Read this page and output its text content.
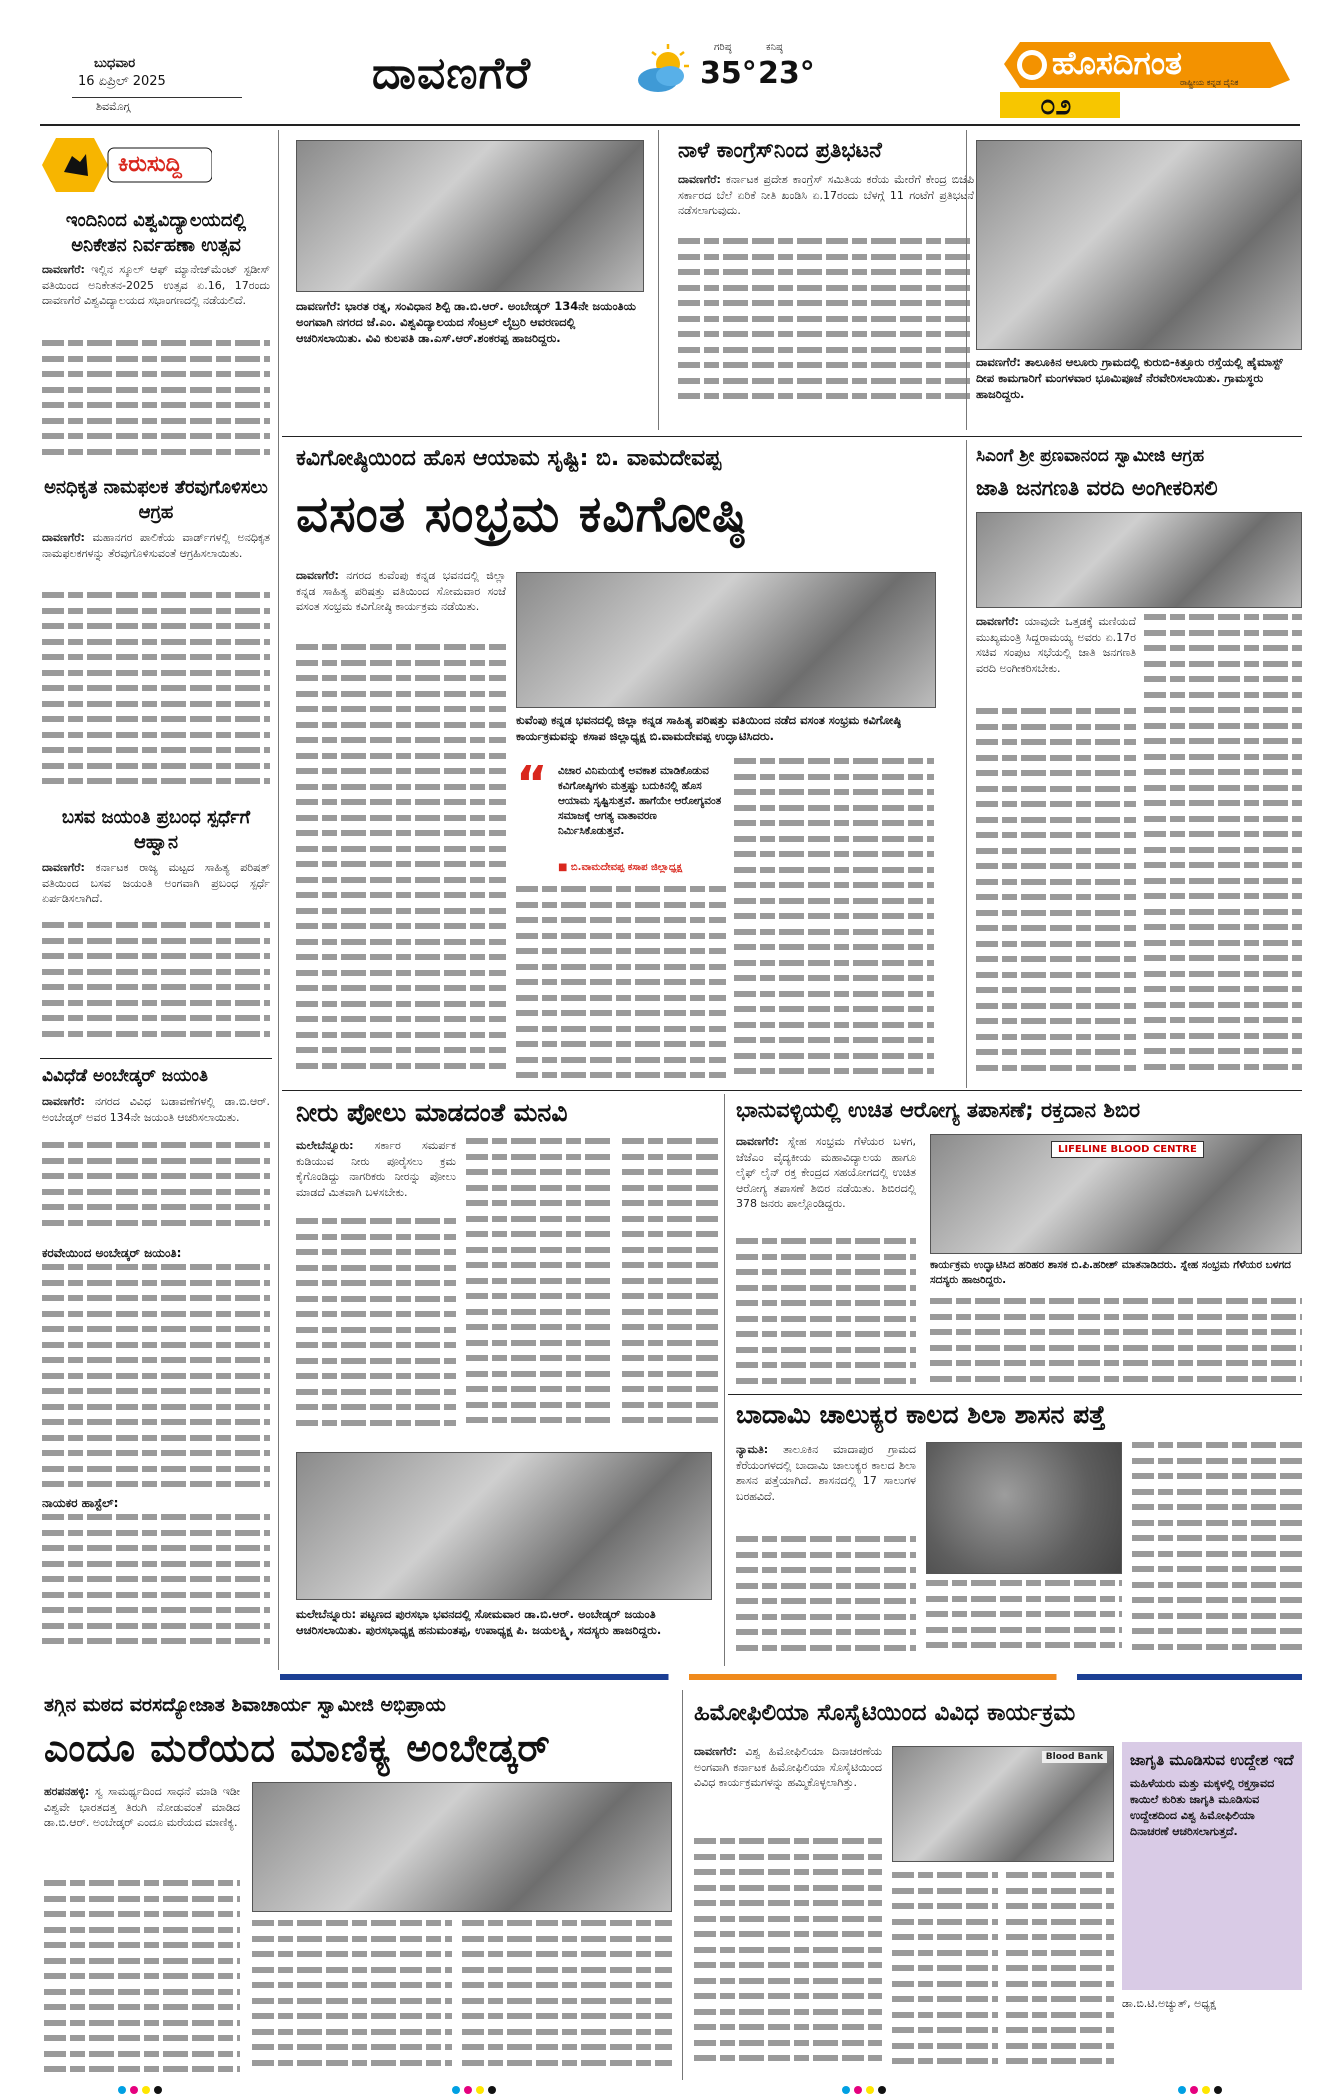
ಬುಧವಾರ
16 ಏಪ್ರಿಲ್ 2025
ಶಿವಮೊಗ್ಗ
ದಾವಣಗೆರೆ
ಗರಿಷ್ಠ
35°
ಕನಿಷ್ಠ
23°	ಹೊಸದಿಗಂತ
ರಾಷ್ಟ್ರೀಯ ಕನ್ನಡ ದೈನಿಕ
೦೨
ಕಿರುಸುದ್ದಿ
ಇಂದಿನಿಂದ ವಿಶ್ವವಿದ್ಯಾಲಯದಲ್ಲಿ ಅನಿಕೇತನ ನಿರ್ವಹಣಾ ಉತ್ಸವ
ದಾವಣಗೆರೆ: ಇಲ್ಲಿನ ಸ್ಕೂಲ್ ಆಫ್ ಮ್ಯಾನೇಜ್‌ಮೆಂಟ್ ಸ್ಟಡೀಸ್ ವತಿಯಿಂದ ಅನಿಕೇತನ-2025 ಉತ್ಸವ ಏ.16, 17ರಂದು ದಾವಣಗೆರೆ ವಿಶ್ವವಿದ್ಯಾಲಯದ ಸಭಾಂಗಣದಲ್ಲಿ ನಡೆಯಲಿದೆ.
ಅನಧಿಕೃತ ನಾಮಫಲಕ ತೆರವುಗೊಳಿಸಲು ಆಗ್ರಹ
ದಾವಣಗೆರೆ: ಮಹಾನಗರ ಪಾಲಿಕೆಯ ವಾರ್ಡ್‌ಗಳಲ್ಲಿ ಅನಧಿಕೃತ ನಾಮಫಲಕಗಳನ್ನು ತೆರವುಗೊಳಿಸುವಂತೆ ಆಗ್ರಹಿಸಲಾಯಿತು.
ಬಸವ ಜಯಂತಿ ಪ್ರಬಂಧ ಸ್ಪರ್ಧೆಗೆ ಆಹ್ವಾನ
ದಾವಣಗೆರೆ: ಕರ್ನಾಟಕ ರಾಜ್ಯ ಮಟ್ಟದ ಸಾಹಿತ್ಯ ಪರಿಷತ್ ವತಿಯಿಂದ ಬಸವ ಜಯಂತಿ ಅಂಗವಾಗಿ ಪ್ರಬಂಧ ಸ್ಪರ್ಧೆ ಏರ್ಪಡಿಸಲಾಗಿದೆ.
ವಿವಿಧೆಡೆ ಅಂಬೇಡ್ಕರ್ ಜಯಂತಿ
ದಾವಣಗೆರೆ: ನಗರದ ವಿವಿಧ ಬಡಾವಣೆಗಳಲ್ಲಿ ಡಾ.ಬಿ.ಆರ್. ಅಂಬೇಡ್ಕರ್ ಅವರ 134ನೇ ಜಯಂತಿ ಆಚರಿಸಲಾಯಿತು.
ಕರವೇಯಿಂದ ಅಂಬೇಡ್ಕರ್ ಜಯಂತಿ:
ನಾಯಕರ ಹಾಸ್ಟೆಲ್:
ದಾವಣಗೆರೆ: ಭಾರತ ರತ್ನ, ಸಂವಿಧಾನ ಶಿಲ್ಪಿ ಡಾ.ಬಿ.ಆರ್. ಅಂಬೇಡ್ಕರ್ 134ನೇ ಜಯಂತಿಯ ಅಂಗವಾಗಿ ನಗರದ ಜೆ.ಎಂ. ವಿಶ್ವವಿದ್ಯಾಲಯದ ಸೆಂಟ್ರಲ್ ಲೈಬ್ರರಿ ಆವರಣದಲ್ಲಿ ಆಚರಿಸಲಾಯಿತು. ವಿವಿ ಕುಲಪತಿ ಡಾ.ಎಸ್.ಆರ್.ಶಂಕರಪ್ಪ ಹಾಜರಿದ್ದರು.
ನಾಳೆ ಕಾಂಗ್ರೆಸ್‌ನಿಂದ ಪ್ರತಿಭಟನೆ
ದಾವಣಗೆರೆ: ಕರ್ನಾಟಕ ಪ್ರದೇಶ ಕಾಂಗ್ರೆಸ್ ಸಮಿತಿಯ ಕರೆಯ ಮೇರೆಗೆ ಕೇಂದ್ರ ಬಿಜೆಪಿ ಸರ್ಕಾರದ ಬೆಲೆ ಏರಿಕೆ ನೀತಿ ಖಂಡಿಸಿ ಏ.17ರಂದು ಬೆಳಗ್ಗೆ 11 ಗಂಟೆಗೆ ಪ್ರತಿಭಟನೆ ನಡೆಸಲಾಗುವುದು.
ದಾವಣಗೆರೆ: ತಾಲೂಕಿನ ಆಲೂರು ಗ್ರಾಮದಲ್ಲಿ ಕುರುಬಿ-ಕಿತ್ತೂರು ರಸ್ತೆಯಲ್ಲಿ ಹೈಮಾಸ್ಟ್ ದೀಪ ಕಾಮಗಾರಿಗೆ ಮಂಗಳವಾರ ಭೂಮಿಪೂಜೆ ನೆರವೇರಿಸಲಾಯಿತು. ಗ್ರಾಮಸ್ಥರು ಹಾಜರಿದ್ದರು.
ಕವಿಗೋಷ್ಠಿಯಿಂದ ಹೊಸ ಆಯಾಮ ಸೃಷ್ಟಿ: ಬಿ. ವಾಮದೇವಪ್ಪ
ವಸಂತ ಸಂಭ್ರಮ ಕವಿಗೋಷ್ಠಿ
ದಾವಣಗೆರೆ: ನಗರದ ಕುವೆಂಪು ಕನ್ನಡ ಭವನದಲ್ಲಿ ಜಿಲ್ಲಾ ಕನ್ನಡ ಸಾಹಿತ್ಯ ಪರಿಷತ್ತು ವತಿಯಿಂದ ಸೋಮವಾರ ಸಂಜೆ ವಸಂತ ಸಂಭ್ರಮ ಕವಿಗೋಷ್ಠಿ ಕಾರ್ಯಕ್ರಮ ನಡೆಯಿತು.
ಕುವೆಂಪು ಕನ್ನಡ ಭವನದಲ್ಲಿ ಜಿಲ್ಲಾ ಕನ್ನಡ ಸಾಹಿತ್ಯ ಪರಿಷತ್ತು ವತಿಯಿಂದ ನಡೆದ ವಸಂತ ಸಂಭ್ರಮ ಕವಿಗೋಷ್ಠಿ ಕಾರ್ಯಕ್ರಮವನ್ನು ಕಸಾಪ ಜಿಲ್ಲಾಧ್ಯಕ್ಷ ಬಿ.ವಾಮದೇವಪ್ಪ ಉದ್ಘಾಟಿಸಿದರು.
“ ವಿಚಾರ ವಿನಿಮಯಕ್ಕೆ ಅವಕಾಶ ಮಾಡಿಕೊಡುವ ಕವಿಗೋಷ್ಠಿಗಳು ಮತ್ತಷ್ಟು ಬದುಕಿನಲ್ಲಿ ಹೊಸ ಆಯಾಮ ಸೃಷ್ಟಿಸುತ್ತವೆ. ಹಾಗೆಯೇ ಆರೋಗ್ಯವಂತ ಸಮಾಜಕ್ಕೆ ಆಗತ್ಯ ವಾತಾವರಣ ನಿರ್ಮಿಸಿಕೊಡುತ್ತವೆ.
■ ಬಿ.ವಾಮದೇವಪ್ಪ ಕಸಾಪ ಜಿಲ್ಲಾಧ್ಯಕ್ಷ
ಸಿಎಂಗೆ ಶ್ರೀ ಪ್ರಣವಾನಂದ ಸ್ವಾಮೀಜಿ ಆಗ್ರಹ
ಜಾತಿ ಜನಗಣತಿ ವರದಿ ಅಂಗೀಕರಿಸಲಿ
ದಾವಣಗೆರೆ: ಯಾವುದೇ ಒತ್ತಡಕ್ಕೆ ಮಣಿಯದೆ ಮುಖ್ಯಮಂತ್ರಿ ಸಿದ್ದರಾಮಯ್ಯ ಅವರು ಏ.17ರ ಸಚಿವ ಸಂಪುಟ ಸಭೆಯಲ್ಲಿ ಜಾತಿ ಜನಗಣತಿ ವರದಿ ಅಂಗೀಕರಿಸಬೇಕು.
ನೀರು ಪೋಲು ಮಾಡದಂತೆ ಮನವಿ
ಮಲೇಬೆನ್ನೂರು: ಸರ್ಕಾರ ಸಮರ್ಪಕ ಕುಡಿಯುವ ನೀರು ಪೂರೈಸಲು ಕ್ರಮ ಕೈಗೊಂಡಿದ್ದು ನಾಗರಿಕರು ನೀರನ್ನು ಪೋಲು ಮಾಡದೆ ಮಿತವಾಗಿ ಬಳಸಬೇಕು.
ಮಲೇಬೆನ್ನೂರು: ಪಟ್ಟಣದ ಪುರಸಭಾ ಭವನದಲ್ಲಿ ಸೋಮವಾರ ಡಾ.ಬಿ.ಆರ್. ಅಂಬೇಡ್ಕರ್ ಜಯಂತಿ ಆಚರಿಸಲಾಯಿತು. ಪುರಸಭಾಧ್ಯಕ್ಷ ಹನುಮಂತಪ್ಪ, ಉಪಾಧ್ಯಕ್ಷ ಪಿ. ಜಯಲಕ್ಷ್ಮಿ, ಸದಸ್ಯರು ಹಾಜರಿದ್ದರು.
ಭಾನುವಳ್ಳಿಯಲ್ಲಿ ಉಚಿತ ಆರೋಗ್ಯ ತಪಾಸಣೆ; ರಕ್ತದಾನ ಶಿಬಿರ
ದಾವಣಗೆರೆ: ಸ್ನೇಹ ಸಂಭ್ರಮ ಗೆಳೆಯರ ಬಳಗ, ಜೆಜೆಎಂ ವೈದ್ಯಕೀಯ ಮಹಾವಿದ್ಯಾಲಯ ಹಾಗೂ ಲೈಫ್ ಲೈನ್ ರಕ್ತ ಕೇಂದ್ರದ ಸಹಯೋಗದಲ್ಲಿ ಉಚಿತ ಆರೋಗ್ಯ ತಪಾಸಣೆ ಶಿಬಿರ ನಡೆಯಿತು. ಶಿಬಿರದಲ್ಲಿ 378 ಜನರು ಪಾಲ್ಗೊಂಡಿದ್ದರು.
LIFELINE BLOOD CENTRE
ಕಾರ್ಯಕ್ರಮ ಉದ್ಘಾಟಿಸಿದ ಹರಿಹರ ಶಾಸಕ ಬಿ.ಪಿ.ಹರೀಶ್ ಮಾತನಾಡಿದರು. ಸ್ನೇಹ ಸಂಭ್ರಮ ಗೆಳೆಯರ ಬಳಗದ ಸದಸ್ಯರು ಹಾಜರಿದ್ದರು.
ಬಾದಾಮಿ ಚಾಲುಕ್ಯರ ಕಾಲದ ಶಿಲಾ ಶಾಸನ ಪತ್ತೆ
ನ್ಯಾಮತಿ: ತಾಲೂಕಿನ ಮಾದಾಪುರ ಗ್ರಾಮದ ಕೆರೆಯಂಗಳದಲ್ಲಿ ಬಾದಾಮಿ ಚಾಲುಕ್ಯರ ಕಾಲದ ಶಿಲಾ ಶಾಸನ ಪತ್ತೆಯಾಗಿದೆ. ಶಾಸನದಲ್ಲಿ 17 ಸಾಲುಗಳ ಬರಹವಿದೆ.
ತಗ್ಗಿನ ಮಠದ ವರಸದ್ಯೋಜಾತ ಶಿವಾಚಾರ್ಯ ಸ್ವಾಮೀಜಿ ಅಭಿಪ್ರಾಯ
ಎಂದೂ ಮರೆಯದ ಮಾಣಿಕ್ಯ ಅಂಬೇಡ್ಕರ್
ಹರಪನಹಳ್ಳಿ: ಸ್ವ ಸಾಮರ್ಥ್ಯದಿಂದ ಸಾಧನೆ ಮಾಡಿ ಇಡೀ ವಿಶ್ವವೇ ಭಾರತದತ್ತ ತಿರುಗಿ ನೋಡುವಂತೆ ಮಾಡಿದ ಡಾ.ಬಿ.ಆರ್. ಅಂಬೇಡ್ಕರ್ ಎಂದೂ ಮರೆಯದ ಮಾಣಿಕ್ಯ.
ಹಿಮೋಫಿಲಿಯಾ ಸೊಸೈಟಿಯಿಂದ ವಿವಿಧ ಕಾರ್ಯಕ್ರಮ
ದಾವಣಗೆರೆ: ವಿಶ್ವ ಹಿಮೋಫಿಲಿಯಾ ದಿನಾಚರಣೆಯ ಅಂಗವಾಗಿ ಕರ್ನಾಟಕ ಹಿಮೋಫಿಲಿಯಾ ಸೊಸೈಟಿಯಿಂದ ವಿವಿಧ ಕಾರ್ಯಕ್ರಮಗಳನ್ನು ಹಮ್ಮಿಕೊಳ್ಳಲಾಗಿತ್ತು.
Blood Bank ಜಾಗೃತಿ ಮೂಡಿಸುವ ಉದ್ದೇಶ ಇದೆ
ಮಹಿಳೆಯರು ಮತ್ತು ಮಕ್ಕಳಲ್ಲಿ ರಕ್ತಸ್ರಾವದ ಕಾಯಿಲೆ ಕುರಿತು ಜಾಗೃತಿ ಮೂಡಿಸುವ ಉದ್ದೇಶದಿಂದ ವಿಶ್ವ ಹಿಮೋಫಿಲಿಯಾ ದಿನಾಚರಣೆ ಆಚರಿಸಲಾಗುತ್ತದೆ.
ಡಾ.ಬಿ.ಟಿ.ಅಚ್ಯುತ್, ಅಧ್ಯಕ್ಷ
